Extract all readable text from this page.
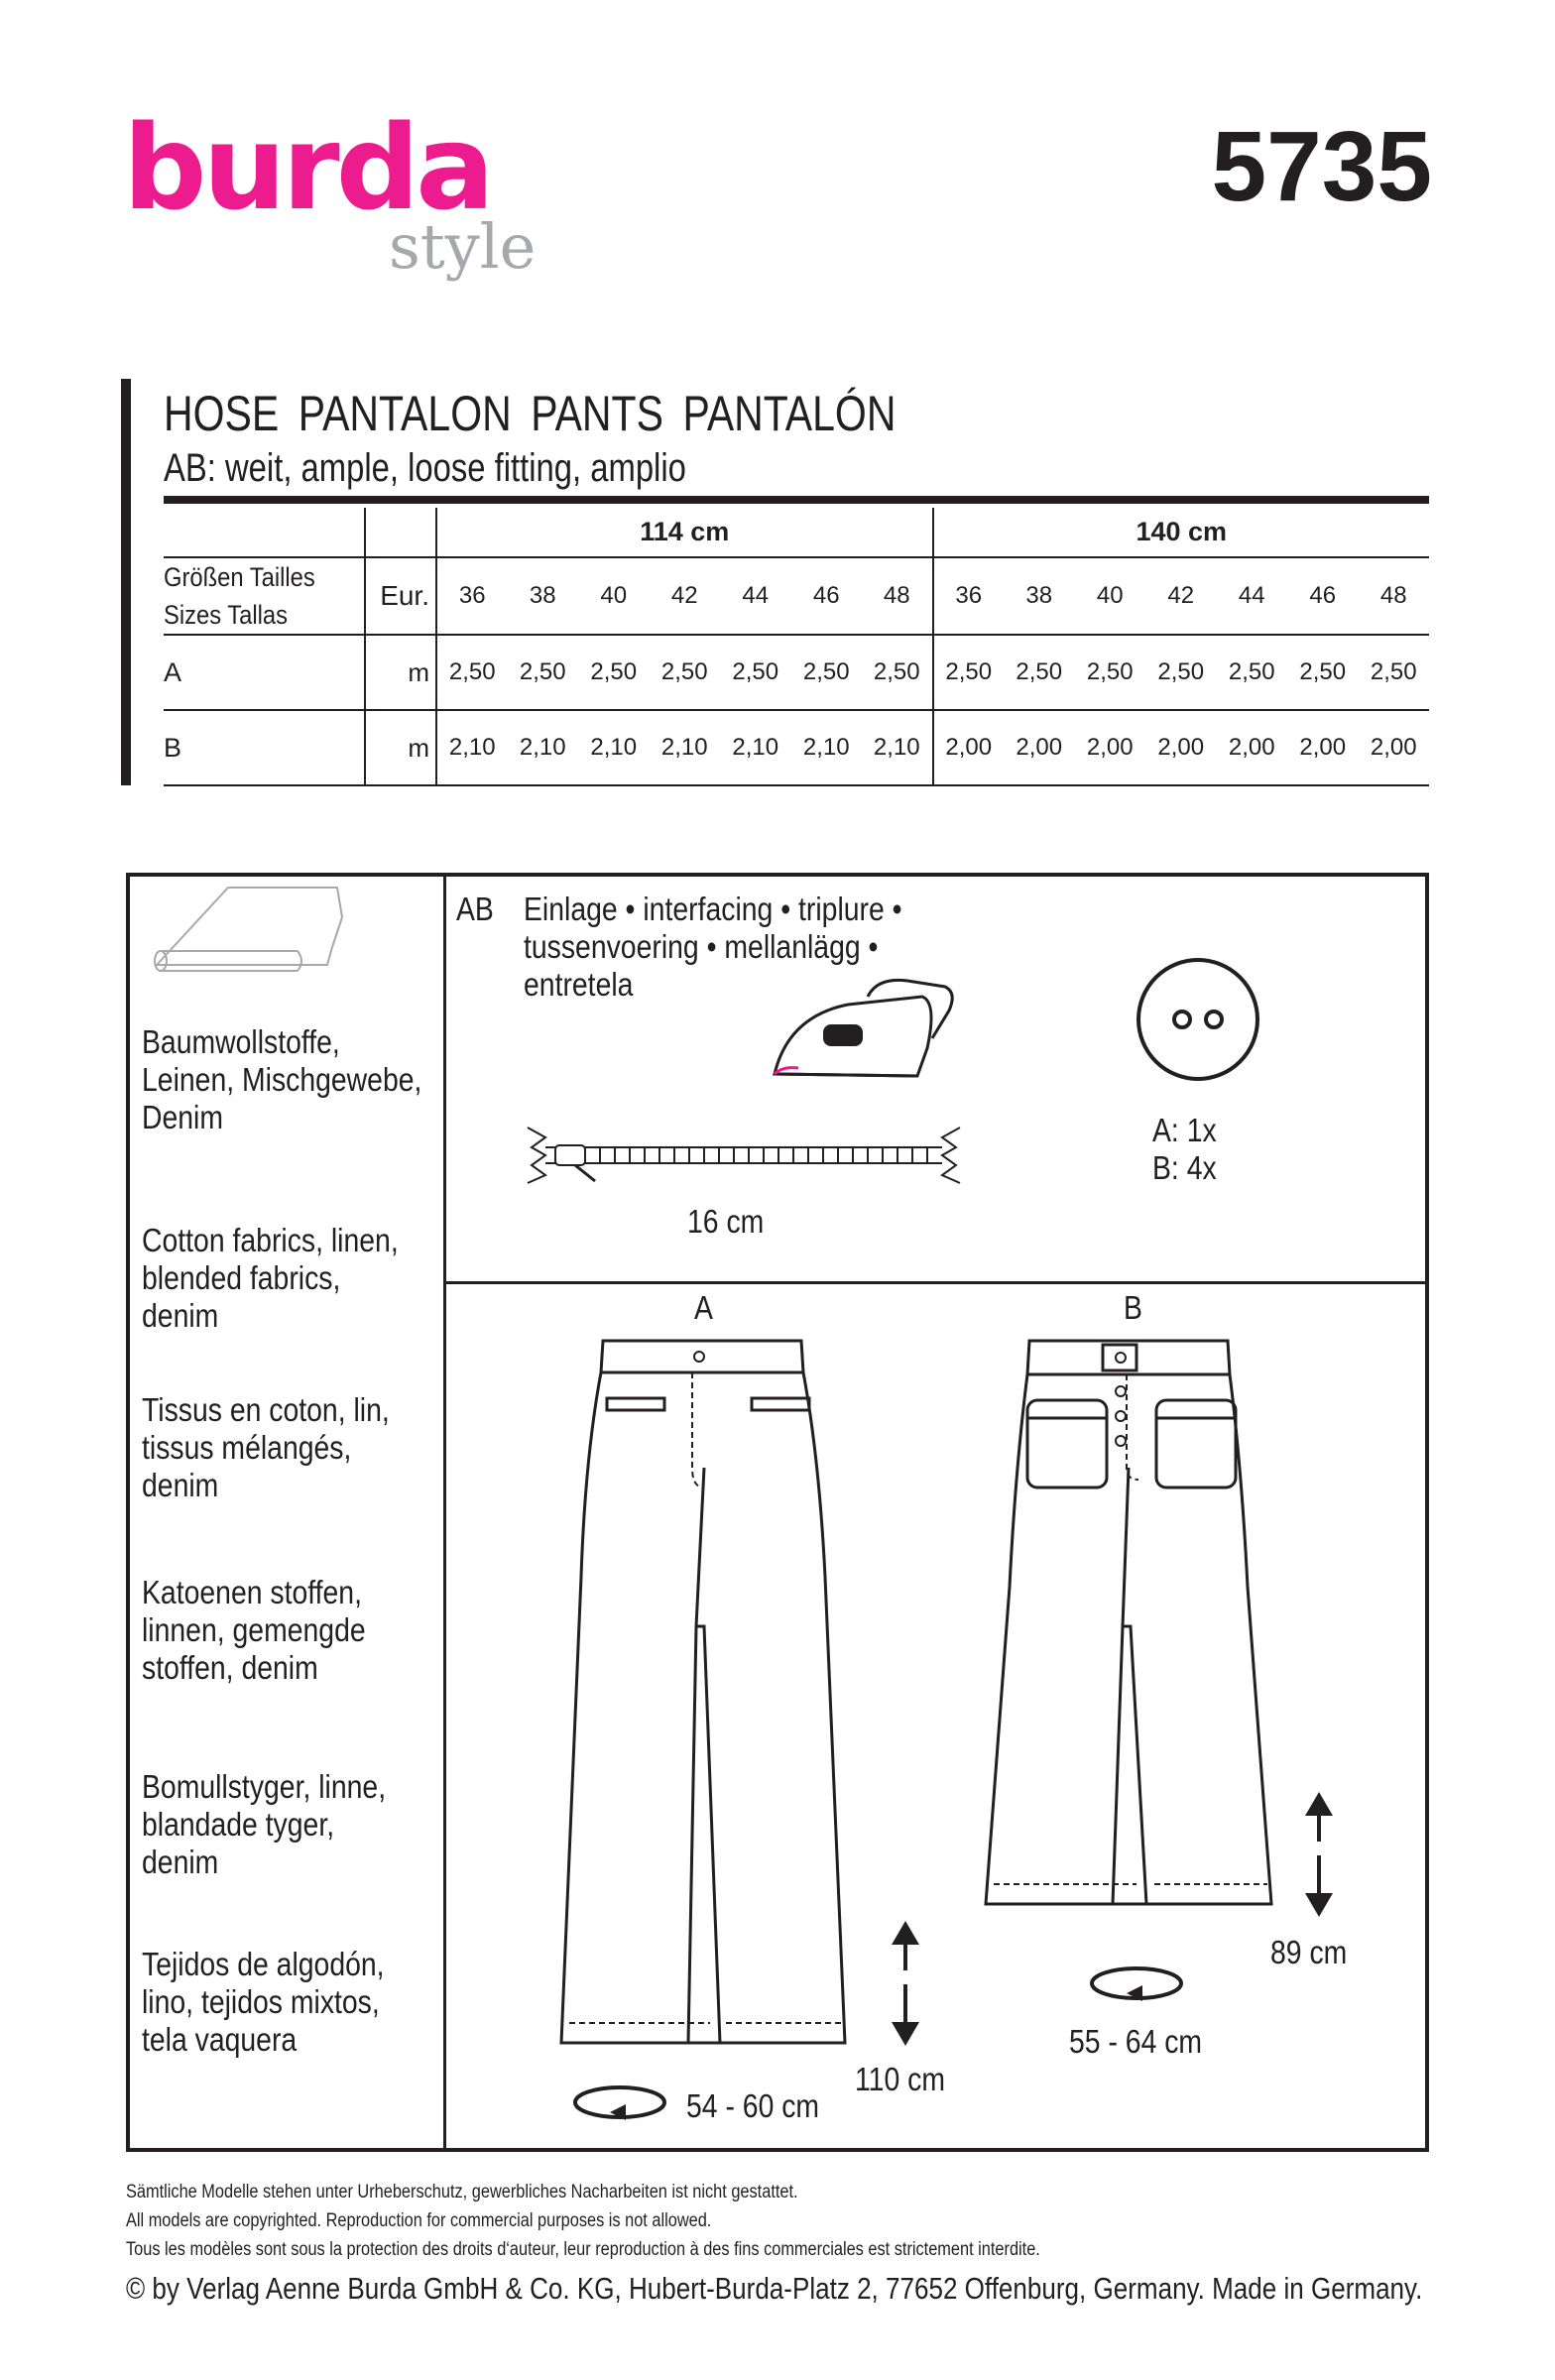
burda
style
5735
HOSE PANTALON PANTS PANTALÓN
AB: weit, ample, loose fitting, amplio

		114 cm							140 cm						
Größen Tailles
Sizes Tallas	Eur.	36	38	40	42	44	46	48	36	38	40	42	44	46	48
A	m	2,50	2,50	2,50	2,50	2,50	2,50	2,50	2,50	2,50	2,50	2,50	2,50	2,50	2,50
B	m	2,10	2,10	2,10	2,10	2,10	2,10	2,10	2,00	2,00	2,00	2,00	2,00	2,00	2,00
Baumwollstoffe,
Leinen, Mischgewebe,
Denim
Cotton fabrics, linen,
blended fabrics,
denim
Tissus en coton, lin,
tissus mélangés,
denim
Katoenen stoffen,
linnen, gemengde
stoffen, denim
Bomullstyger, linne,
blandade tyger,
denim
Tejidos de algodón,
lino, tejidos mixtos,
tela vaquera
AB Einlage • interfacing • triplure •
tussenvoering • mellanlägg •
entretela
16 cm
A: 1x
B: 4x
A	B
110 cm
54 - 60 cm
89 cm
55 - 64 cm
Sämtliche Modelle stehen unter Urheberschutz, gewerbliches Nacharbeiten ist nicht gestattet.
All models are copyrighted. Reproduction for commercial purposes is not allowed.
Tous les modèles sont sous la protection des droits d‘auteur, leur reproduction à des fins commerciales est strictement interdite.
© by Verlag Aenne Burda GmbH & Co. KG, Hubert-Burda-Platz 2, 77652 Offenburg, Germany. Made in Germany.
